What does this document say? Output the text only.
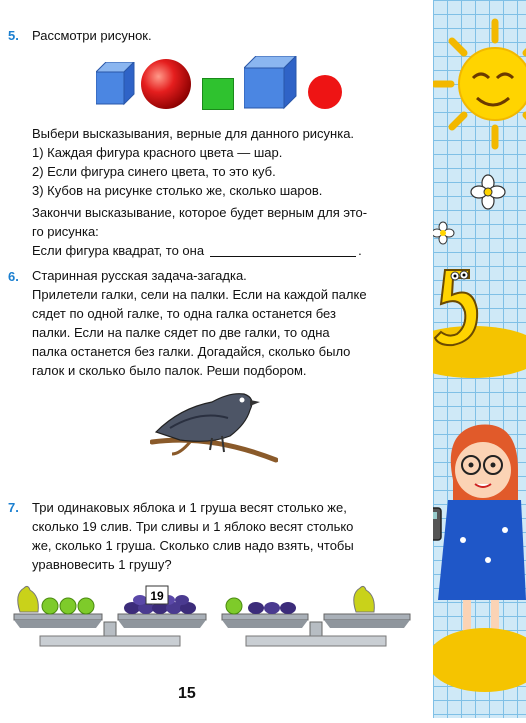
5. Рассмотри рисунок.
Выбери высказывания, верные для данного рисунка.
1) Каждая фигура красного цвета — шар.
2) Если фигура синего цвета, то это куб.
3) Кубов на рисунке столько же, сколько шаров.
Закончи высказывание, которое будет верным для это-
го рисунка:
Если фигура квадрат, то она	.
6. Старинная русская задача-загадка.
Прилетели галки, сели на палки. Если на каждой палке
сядет по одной галке, то одна галка останется без
палки. Если на палке сядет по две галки, то одна
палка останется без галки. Догадайся, сколько было
галок и сколько было палок. Реши подбором.
7. Три одинаковых яблока и 1 груша весят столько же,
сколько 19 слив. Три сливы и 1 яблоко весят столько
же, сколько 1 груша. Сколько слив надо взять, чтобы
уравновесить 1 грушу?
19
15
